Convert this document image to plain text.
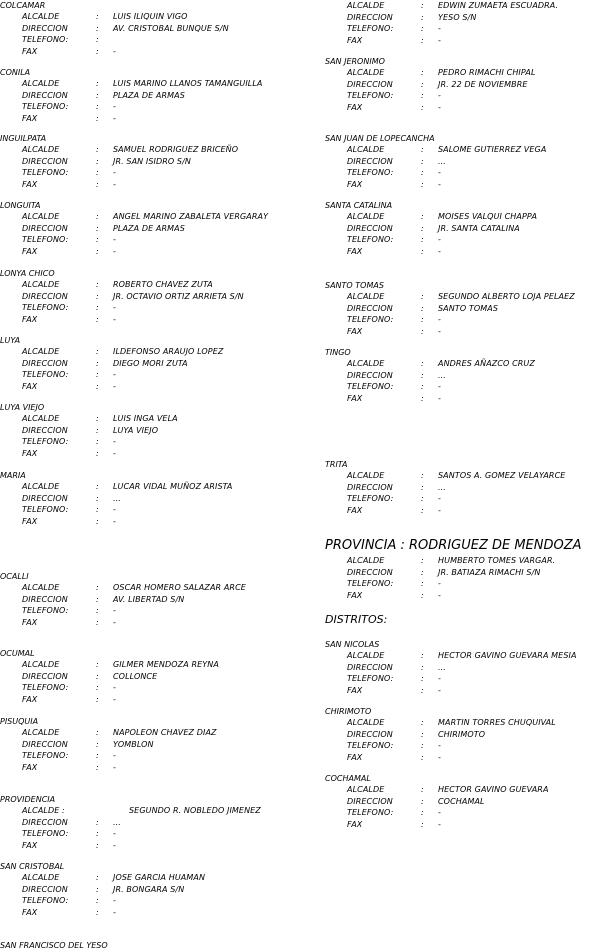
COLCAMAR
ALCALDE	: LUIS ILIQUIN VIGO
DIRECCION	: AV. CRISTOBAL BUNQUE S/N
TELEFONO:	:
FAX	: -
CONILA
ALCALDE	: LUIS MARINO LLANOS TAMANGUILLA
DIRECCION	: PLAZA DE ARMAS
TELEFONO:	: -
FAX	: -
INGUILPATA
ALCALDE	: SAMUEL RODRIGUEZ BRICEÑO
DIRECCION	: JR. SAN ISIDRO S/N
TELEFONO:	: -
FAX	: -
LONGUITA
ALCALDE	: ANGEL MARINO ZABALETA VERGARAY
DIRECCION	: PLAZA DE ARMAS
TELEFONO:	: -
FAX	: -
LONYA CHICO
ALCALDE	: ROBERTO CHAVEZ ZUTA
DIRECCION	: JR. OCTAVIO ORTIZ ARRIETA S/N
TELEFONO:	: -
FAX	: -
LUYA
ALCALDE	: ILDEFONSO ARAUJO LOPEZ
DIRECCION	: DIEGO MORI ZUTA
TELEFONO:	: -
FAX	: -
LUYA VIEJO
ALCALDE	: LUIS INGA VELA
DIRECCION	: LUYA VIEJO
TELEFONO:	: -
FAX	: -
MARIA
ALCALDE	: LUCAR VIDAL MUÑOZ ARISTA
DIRECCION	: ...
TELEFONO:	: -
FAX	: -
OCALLI
ALCALDE	: OSCAR HOMERO SALAZAR ARCE
DIRECCION	: AV. LIBERTAD S/N
TELEFONO:	: -
FAX	: -
OCUMAL
ALCALDE	: GILMER MENDOZA REYNA
DIRECCION	: COLLONCE
TELEFONO:	: -
FAX	: -
PISUQUIA
ALCALDE	: NAPOLEON CHAVEZ DIAZ
DIRECCION	: YOMBLON
TELEFONO:	: -
FAX	: -
PROVIDENCIA
ALCALDE :	SEGUNDO R. NOBLEDO JIMENEZ
DIRECCION	: ...
TELEFONO:	: -
FAX	: -
SAN CRISTOBAL
ALCALDE	: JOSE GARCIA HUAMAN
DIRECCION	: JR. BONGARA S/N
TELEFONO:	: -
FAX	: -
SAN FRANCISCO DEL YESO
ALCALDE	: EDWIN ZUMAETA ESCUADRA.
DIRECCION	: YESO S/N
TELEFONO:	: -
FAX	: -
SAN JERONIMO
ALCALDE	: PEDRO RIMACHI CHIPAL
DIRECCION	: JR. 22 DE NOVIEMBRE
TELEFONO:	: -
FAX	: -
SAN JUAN DE LOPECANCHA
ALCALDE	: SALOME GUTIERREZ VEGA
DIRECCION	: ...
TELEFONO:	: -
FAX	: -
SANTA CATALINA
ALCALDE	: MOISES VALQUI CHAPPA
DIRECCION	: JR. SANTA CATALINA
TELEFONO:	: -
FAX	: -
SANTO TOMAS
ALCALDE	: SEGUNDO ALBERTO LOJA PELAEZ
DIRECCION	: SANTO TOMAS
TELEFONO:	: -
FAX	: -
TINGO
ALCALDE	: ANDRES AÑAZCO CRUZ
DIRECCION	: ...
TELEFONO:	: -
FAX	: -
TRITA
ALCALDE	: SANTOS A. GOMEZ VELAYARCE
DIRECCION	: ...
TELEFONO:	: -
FAX	: -
PROVINCIA : RODRIGUEZ DE MENDOZA
ALCALDE	: HUMBERTO TOMES VARGAR.
DIRECCION	: JR. BATIAZA RIMACHI S/N
TELEFONO:	: -
FAX	: -
DISTRITOS:
SAN NICOLAS
ALCALDE	: HECTOR GAVINO GUEVARA MESIA
DIRECCION	: ...
TELEFONO:	: -
FAX	: -
CHIRIMOTO
ALCALDE	: MARTIN TORRES CHUQUIVAL
DIRECCION	: CHIRIMOTO
TELEFONO:	: -
FAX	: -
COCHAMAL
ALCALDE	: HECTOR GAVINO GUEVARA
DIRECCION	: COCHAMAL
TELEFONO:	: -
FAX	: -
